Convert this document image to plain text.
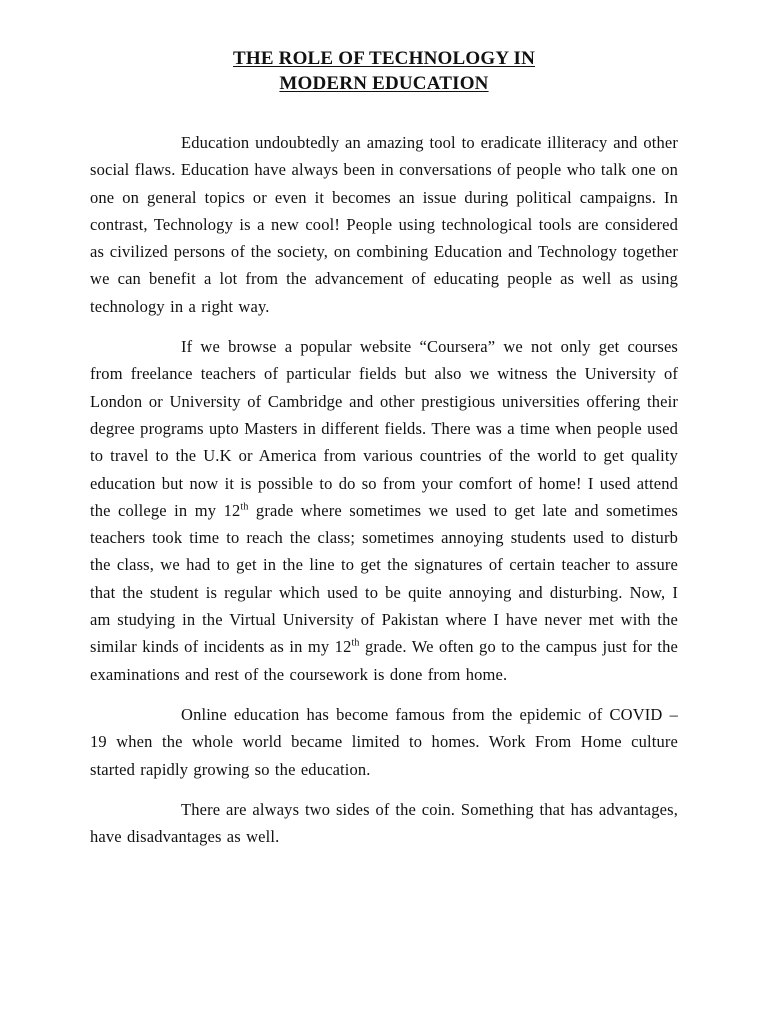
THE ROLE OF TECHNOLOGY IN
MODERN EDUCATION

Education undoubtedly an amazing tool to eradicate illiteracy and other social flaws. Education have always been in conversations of people who talk one on one on general topics or even it becomes an issue during political campaigns. In contrast, Technology is a new cool! People using technological tools are considered as civilized persons of the society, on combining Education and Technology together we can benefit a lot from the advancement of educating people as well as using technology in a right way.

If we browse a popular website “Coursera” we not only get courses from freelance teachers of particular fields but also we witness the University of London or University of Cambridge and other prestigious universities offering their degree programs upto Masters in different fields. There was a time when people used to travel to the U.K or America from various countries of the world to get quality education but now it is possible to do so from your comfort of home! I used attend the college in my 12th grade where sometimes we used to get late and sometimes teachers took time to reach the class; sometimes annoying students used to disturb the class, we had to get in the line to get the signatures of certain teacher to assure that the student is regular which used to be quite annoying and disturbing. Now, I am studying in the Virtual University of Pakistan where I have never met with the similar kinds of incidents as in my 12th grade. We often go to the campus just for the examinations and rest of the coursework is done from home.

Online education has become famous from the epidemic of COVID – 19 when the whole world became limited to homes. Work From Home culture started rapidly growing so the education.

There are always two sides of the coin. Something that has advantages, have disadvantages as well.
